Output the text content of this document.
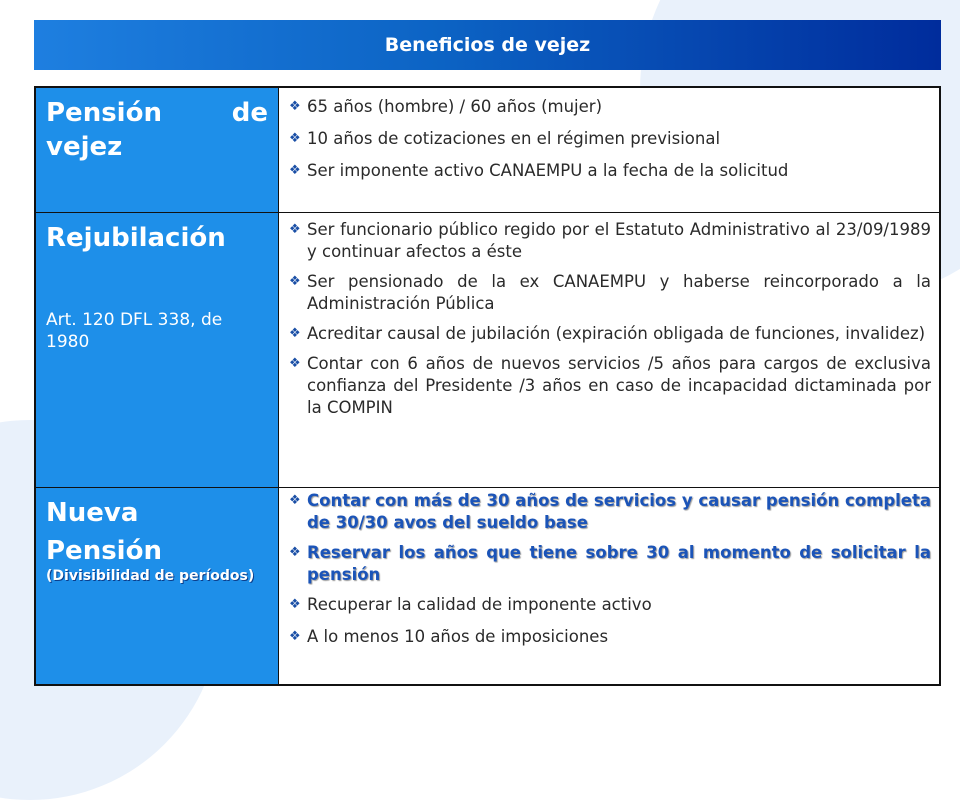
Beneficios de vejez
Pensión	de
vejez
❖ 65 años (hombre) / 60 años (mujer)
❖ 10 años de cotizaciones en el régimen previsional
❖ Ser imponente activo CANAEMPU a la fecha de la solicitud
Rejubilación
Art. 120 DFL 338, de 1980
❖ Ser funcionario público regido por el Estatuto Administrativo al 23/09/1989 y continuar afectos a éste
❖ Ser pensionado de la ex CANAEMPU y haberse reincorporado a la Administración Pública
❖ Acreditar causal de jubilación (expiración obligada de funciones, invalidez)
❖ Contar con 6 años de nuevos servicios /5 años para cargos de exclusiva confianza del Presidente /3 años en caso de incapacidad dictaminada por la COMPIN
Nueva
Pensión
(Divisibilidad de períodos)
❖ Contar con más de 30 años de servicios y causar pensión completa de 30/30 avos del sueldo base
❖ Reservar los años que tiene sobre 30 al momento de solicitar la pensión
❖ Recuperar la calidad de imponente activo
❖ A lo menos 10 años de imposiciones
